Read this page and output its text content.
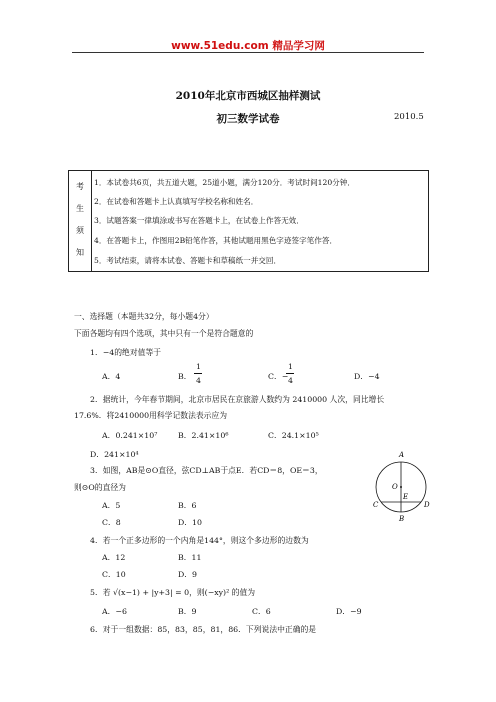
www.51edu.com 精品学习网
2010年北京市西城区抽样测试
初三数学试卷	2010.5
考
生
须
知
1．本试卷共6页，共五道大题，25道小题，满分120分．考试时间120分钟．
2．在试卷和答题卡上认真填写学校名称和姓名．
3．试题答案一律填涂或书写在答题卡上，在试卷上作答无效．
4．在答题卡上，作图用2B铅笔作答，其他试题用黑色字迹签字笔作答．
5．考试结束，请将本试卷、答题卡和草稿纸一并交回．
一、选择题（本题共32分，每小题4分）
下面各题均有四个选项，其中只有一个是符合题意的
1．−4的绝对值等于
A．4	B．
1
4	C．−
1
4	D．−4
2．据统计，今年春节期间，北京市居民在京旅游人数约为 2410000 人次，同比增长
17.6%．将2410000用科学记数法表示应为
A．0.241×10⁷	B．2.41×10⁶	C．24.1×10⁵
D．241×10⁴
3．如图，AB是⊙O直径，弦CD⊥AB于点E．若CD＝8，OE＝3，
则⊙O的直径为
A．5	B．6
C．8	D．10
A
O
E
C	D
B
4．若一个正多边形的一个内角是144°，则这个多边形的边数为
A．12	B．11
C．10	D．9
5．若 √(x−1) + |y+3| = 0，则(−xy)² 的值为
A．−6	B．9	C．6	D．−9
6．对于一组数据：85，83，85，81，86．下列说法中正确的是
